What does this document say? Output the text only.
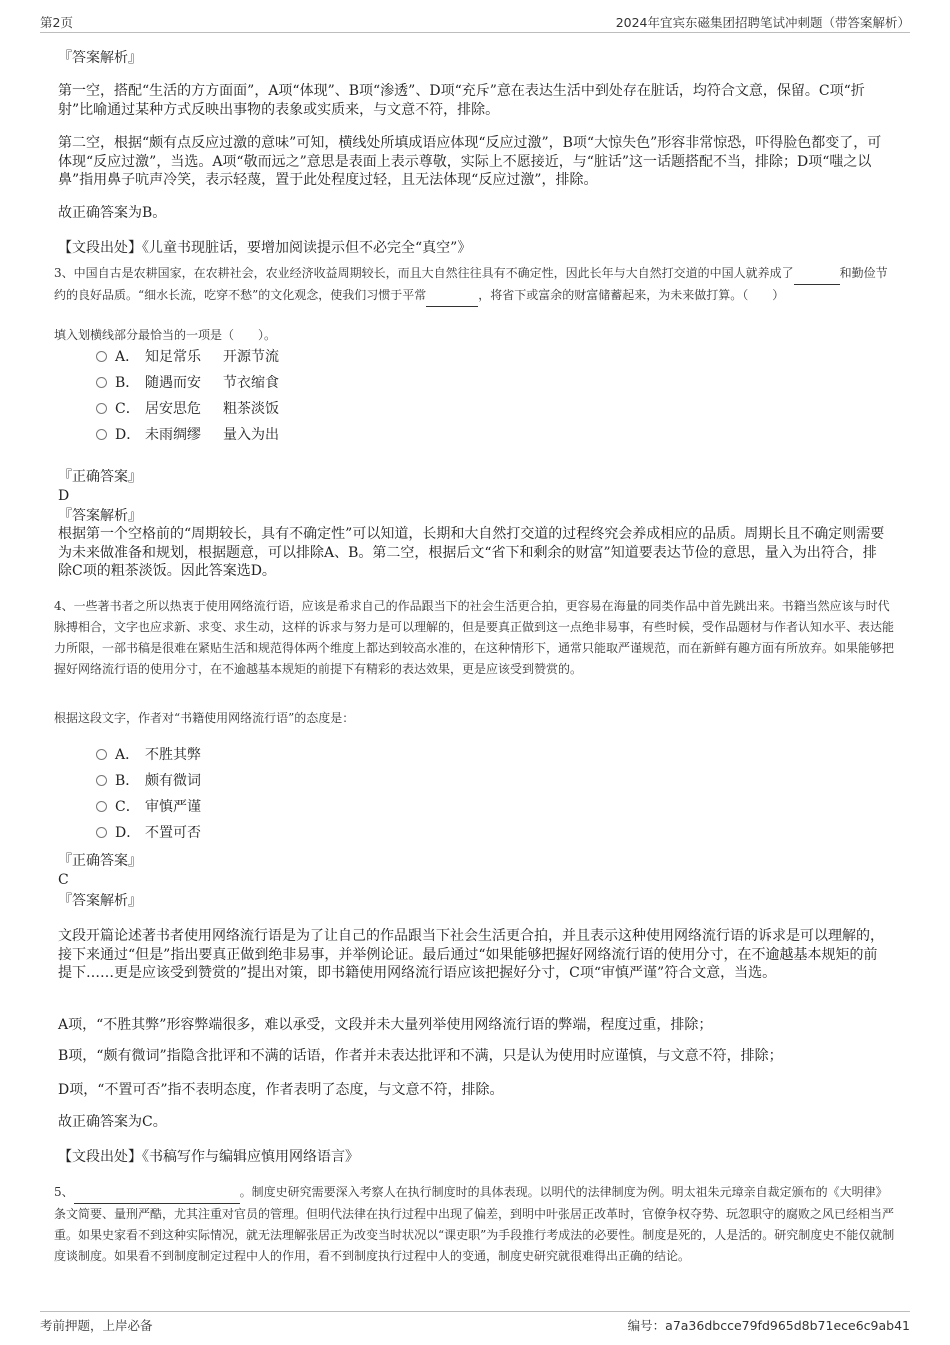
第2页	2024年宜宾东磁集团招聘笔试冲刺题（带答案解析）

『答案解析』

第一空，搭配“生活的方方面面”，A项“体现”、B项“渗透”、D项“充斥”意在表达生活中到处存在脏话，均符合文意，保留。C项“折射”比喻通过某种方式反映出事物的表象或实质来，与文意不符，排除。

第二空，根据“颇有点反应过激的意味”可知，横线处所填成语应体现“反应过激”，B项“大惊失色”形容非常惊恐，吓得脸色都变了，可体现“反应过激”，当选。A项“敬而远之”意思是表面上表示尊敬，实际上不愿接近，与“脏话”这一话题搭配不当，排除；D项“嗤之以鼻”指用鼻子吭声冷笑，表示轻蔑，置于此处程度过轻，且无法体现“反应过激”，排除。

故正确答案为B。

【文段出处】《儿童书现脏话，要增加阅读提示但不必完全“真空”》

3、中国自古是农耕国家，在农耕社会，农业经济收益周期较长，而且大自然往往具有不确定性，因此长年与大自然打交道的中国人就养成了	和勤俭节约的良好品质。“细水长流，吃穿不愁”的文化观念，使我们习惯于平常	，将省下或富余的财富储蓄起来，为未来做打算。（　　）

填入划横线部分最恰当的一项是（　　）。

A． 知足常乐 开源节流
B． 随遇而安 节衣缩食
C． 居安思危 粗茶淡饭
D． 未雨绸缪 量入为出

『正确答案』

D

『答案解析』

根据第一个空格前的“周期较长，具有不确定性”可以知道，长期和大自然打交道的过程终究会养成相应的品质。周期长且不确定则需要为未来做准备和规划，根据题意，可以排除A、B。第二空，根据后文“省下和剩余的财富”知道要表达节俭的意思，量入为出符合，排除C项的粗茶淡饭。因此答案选D。

4、一些著书者之所以热衷于使用网络流行语，应该是希求自己的作品跟当下的社会生活更合拍，更容易在海量的同类作品中首先跳出来。书籍当然应该与时代脉搏相合，文字也应求新、求变、求生动，这样的诉求与努力是可以理解的，但是要真正做到这一点绝非易事，有些时候，受作品题材与作者认知水平、表达能力所限，一部书稿是很难在紧贴生活和规范得体两个维度上都达到较高水准的，在这种情形下，通常只能取严谨规范，而在新鲜有趣方面有所放弃。如果能够把握好网络流行语的使用分寸，在不逾越基本规矩的前提下有精彩的表达效果，更是应该受到赞赏的。

根据这段文字，作者对“书籍使用网络流行语”的态度是：

A． 不胜其弊
B． 颇有微词
C． 审慎严谨
D． 不置可否

『正确答案』

C

『答案解析』

文段开篇论述著书者使用网络流行语是为了让自己的作品跟当下社会生活更合拍，并且表示这种使用网络流行语的诉求是可以理解的，接下来通过“但是”指出要真正做到绝非易事，并举例论证。最后通过“如果能够把握好网络流行语的使用分寸，在不逾越基本规矩的前提下……更是应该受到赞赏的”提出对策，即书籍使用网络流行语应该把握好分寸，C项“审慎严谨”符合文意，当选。

A项，“不胜其弊”形容弊端很多，难以承受，文段并未大量列举使用网络流行语的弊端，程度过重，排除；

B项，“颇有微词”指隐含批评和不满的话语，作者并未表达批评和不满，只是认为使用时应谨慎，与文意不符，排除；

D项，“不置可否”指不表明态度，作者表明了态度，与文意不符，排除。

故正确答案为C。

【文段出处】《书稿写作与编辑应慎用网络语言》

5、	。制度史研究需要深入考察人在执行制度时的具体表现。以明代的法律制度为例。明太祖朱元璋亲自裁定颁布的《大明律》条文简要、量刑严酷，尤其注重对官员的管理。但明代法律在执行过程中出现了偏差，到明中叶张居正改革时，官僚争权夺势、玩忽职守的腐败之风已经相当严重。如果史家看不到这种实际情况，就无法理解张居正为改变当时状况以“课吏职”为手段推行考成法的必要性。制度是死的，人是活的。研究制度史不能仅就制度谈制度。如果看不到制度制定过程中人的作用，看不到制度执行过程中人的变通，制度史研究就很难得出正确的结论。

考前押题，上岸必备	编号：a7a36dbcce79fd965d8b71ece6c9ab41
